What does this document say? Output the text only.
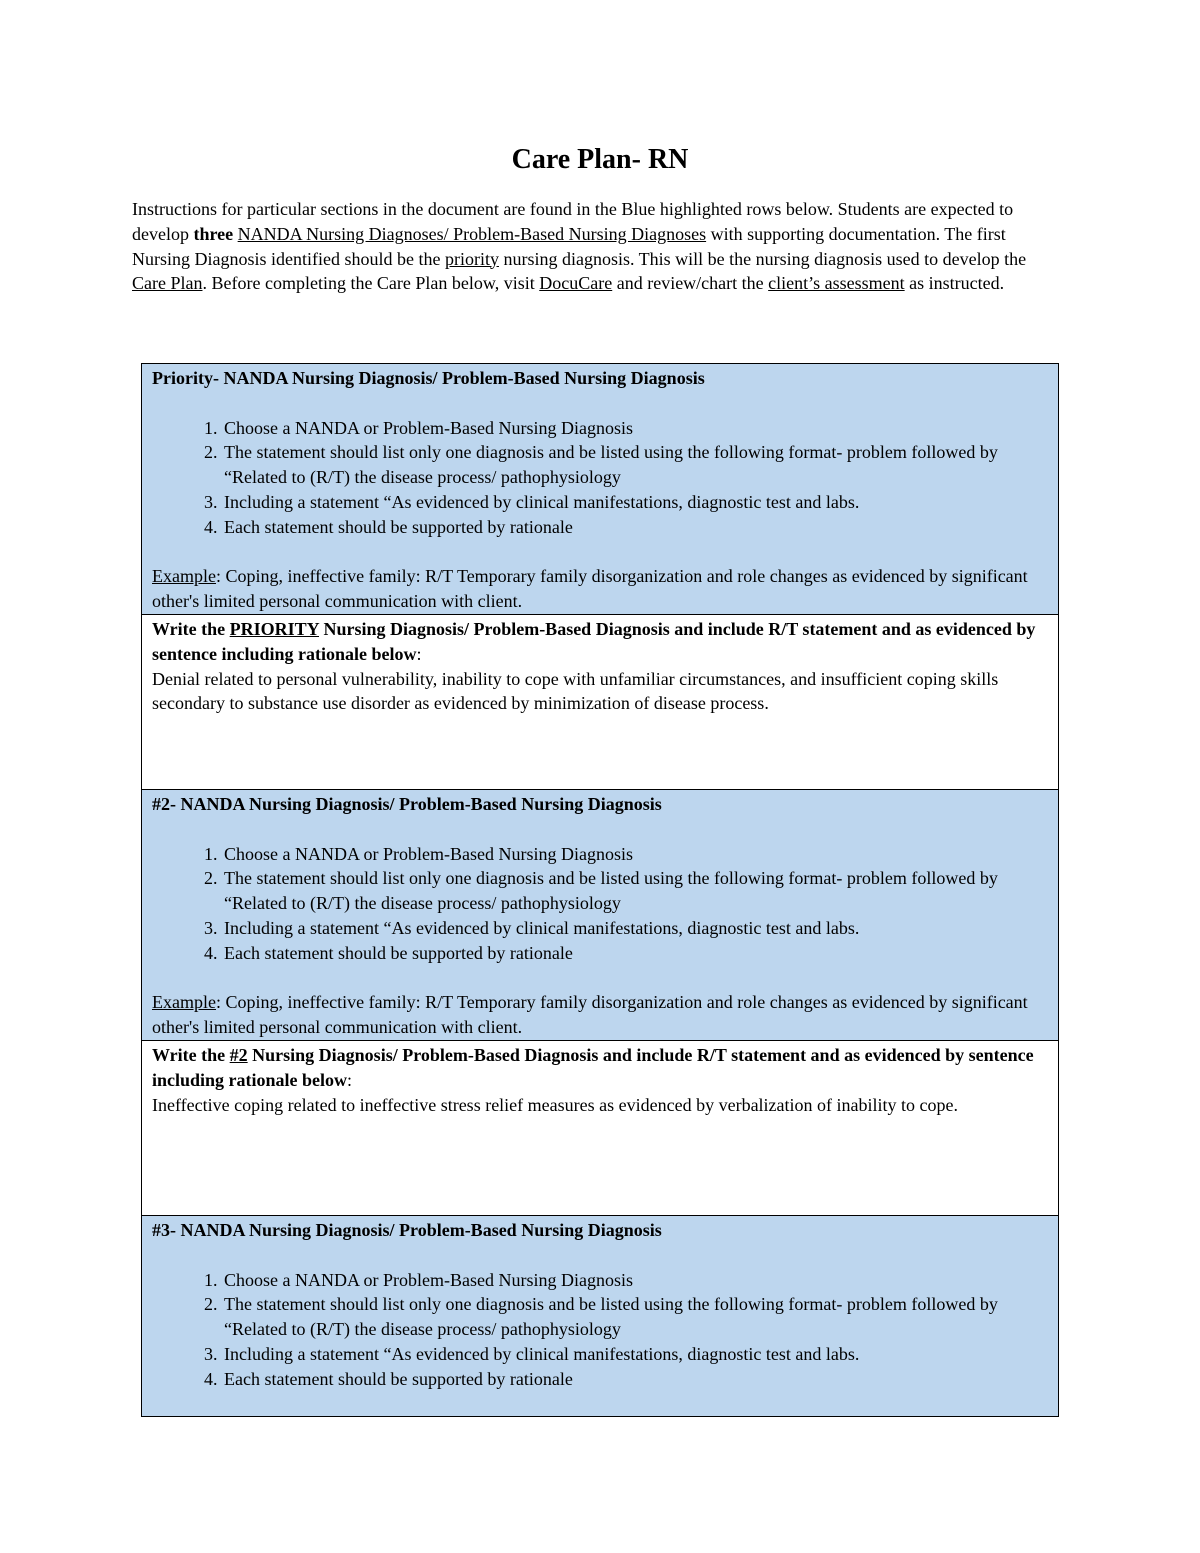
Care Plan- RN
Instructions for particular sections in the document are found in the Blue highlighted rows below. Students are expected to develop three NANDA Nursing Diagnoses/ Problem-Based Nursing Diagnoses with supporting documentation. The first Nursing Diagnosis identified should be the priority nursing diagnosis. This will be the nursing diagnosis used to develop the Care Plan. Before completing the Care Plan below, visit DocuCare and review/chart the client’s assessment as instructed.

Priority- NANDA Nursing Diagnosis/ Problem-Based Nursing Diagnosis

1. Choose a NANDA or Problem-Based Nursing Diagnosis
2. The statement should list only one diagnosis and be listed using the following format- problem followed by “Related to (R/T) the disease process/ pathophysiology
3. Including a statement “As evidenced by clinical manifestations, diagnostic test and labs.
4. Each statement should be supported by rationale

Example: Coping, ineffective family: R/T Temporary family disorganization and role changes as evidenced by significant other's limited personal communication with client.

Write the PRIORITY Nursing Diagnosis/ Problem-Based Diagnosis and include R/T statement and as evidenced by sentence including rationale below:

Denial related to personal vulnerability, inability to cope with unfamiliar circumstances, and insufficient coping skills secondary to substance use disorder as evidenced by minimization of disease process.

#2- NANDA Nursing Diagnosis/ Problem-Based Nursing Diagnosis

1. Choose a NANDA or Problem-Based Nursing Diagnosis
2. The statement should list only one diagnosis and be listed using the following format- problem followed by “Related to (R/T) the disease process/ pathophysiology
3. Including a statement “As evidenced by clinical manifestations, diagnostic test and labs.
4. Each statement should be supported by rationale

Example: Coping, ineffective family: R/T Temporary family disorganization and role changes as evidenced by significant other's limited personal communication with client.

Write the #2 Nursing Diagnosis/ Problem-Based Diagnosis and include R/T statement and as evidenced by sentence including rationale below:

Ineffective coping related to ineffective stress relief measures as evidenced by verbalization of inability to cope.

#3- NANDA Nursing Diagnosis/ Problem-Based Nursing Diagnosis

1. Choose a NANDA or Problem-Based Nursing Diagnosis
2. The statement should list only one diagnosis and be listed using the following format- problem followed by “Related to (R/T) the disease process/ pathophysiology
3. Including a statement “As evidenced by clinical manifestations, diagnostic test and labs.
4. Each statement should be supported by rationale
